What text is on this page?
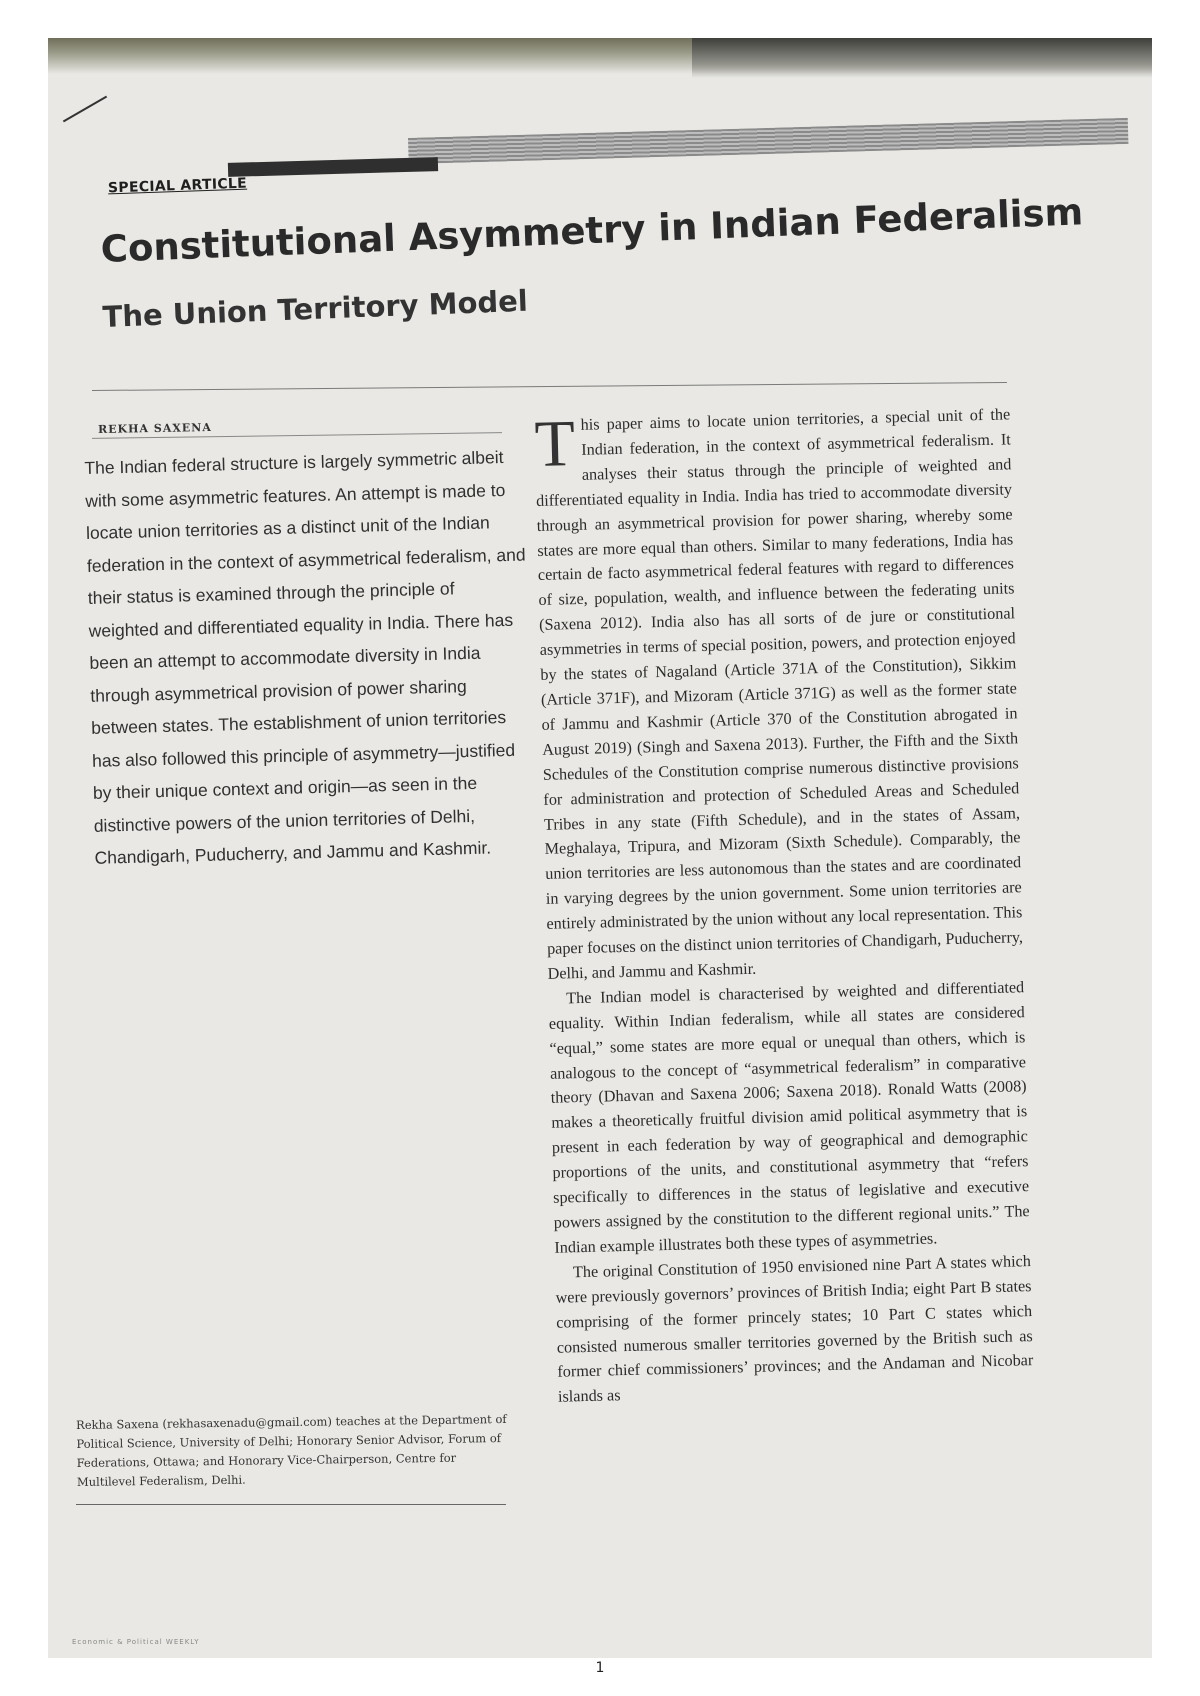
SPECIAL ARTICLE
Constitutional Asymmetry in Indian Federalism
The Union Territory Model
REKHA SAXENA

The Indian federal structure is largely symmetric albeit with some asymmetric features. An attempt is made to locate union territories as a distinct unit of the Indian federation in the context of asymmetrical federalism, and their status is examined through the principle of weighted and differentiated equality in India. There has been an attempt to accommodate diversity in India through asymmetrical provision of power sharing between states. The establishment of union territories has also followed this principle of asymmetry—justified by their unique context and origin—as seen in the distinctive powers of the union territories of Delhi, Chandigarh, Puducherry, and Jammu and Kashmir.

This paper aims to locate union territories, a special unit of the Indian federation, in the context of asymmetrical federalism. It analyses their status through the principle of weighted and differentiated equality in India. India has tried to accommodate diversity through an asymmetrical provision for power sharing, whereby some states are more equal than others. Similar to many federations, India has certain de facto asymmetrical federal features with regard to differences of size, population, wealth, and influence between the federating units (Saxena 2012). India also has all sorts of de jure or constitutional asymmetries in terms of special position, powers, and protection enjoyed by the states of Nagaland (Article 371A of the Constitution), Sikkim (Article 371F), and Mizoram (Article 371G) as well as the former state of Jammu and Kashmir (Article 370 of the Constitution abrogated in August 2019) (Singh and Saxena 2013). Further, the Fifth and the Sixth Schedules of the Constitution comprise numerous distinctive provisions for administration and protection of Scheduled Areas and Scheduled Tribes in any state (Fifth Schedule), and in the states of Assam, Meghalaya, Tripura, and Mizoram (Sixth Schedule). Comparably, the union territories are less autonomous than the states and are coordinated in varying degrees by the union government. Some union territories are entirely administrated by the union without any local representation. This paper focuses on the distinct union territories of Chandigarh, Puducherry, Delhi, and Jammu and Kashmir.

The Indian model is characterised by weighted and differentiated equality. Within Indian federalism, while all states are considered “equal,” some states are more equal or unequal than others, which is analogous to the concept of “asymmetrical federalism” in comparative theory (Dhavan and Saxena 2006; Saxena 2018). Ronald Watts (2008) makes a theoretically fruitful division amid political asymmetry that is present in each federation by way of geographical and demographic proportions of the units, and constitutional asymmetry that “refers specifically to differences in the status of legislative and executive powers assigned by the constitution to the different regional units.” The Indian example illustrates both these types of asymmetries.

The original Constitution of 1950 envisioned nine Part A states which were previously governors’ provinces of British India; eight Part B states comprising of the former princely states; 10 Part C states which consisted numerous smaller territories governed by the British such as former chief commissioners’ provinces; and the Andaman and Nicobar islands as

Rekha Saxena (rekhasaxenadu@gmail.com) teaches at the Department of Political Science, University of Delhi; Honorary Senior Advisor, Forum of Federations, Ottawa; and Honorary Vice-Chairperson, Centre for Multilevel Federalism, Delhi.
Economic & Political WEEKLY
1
